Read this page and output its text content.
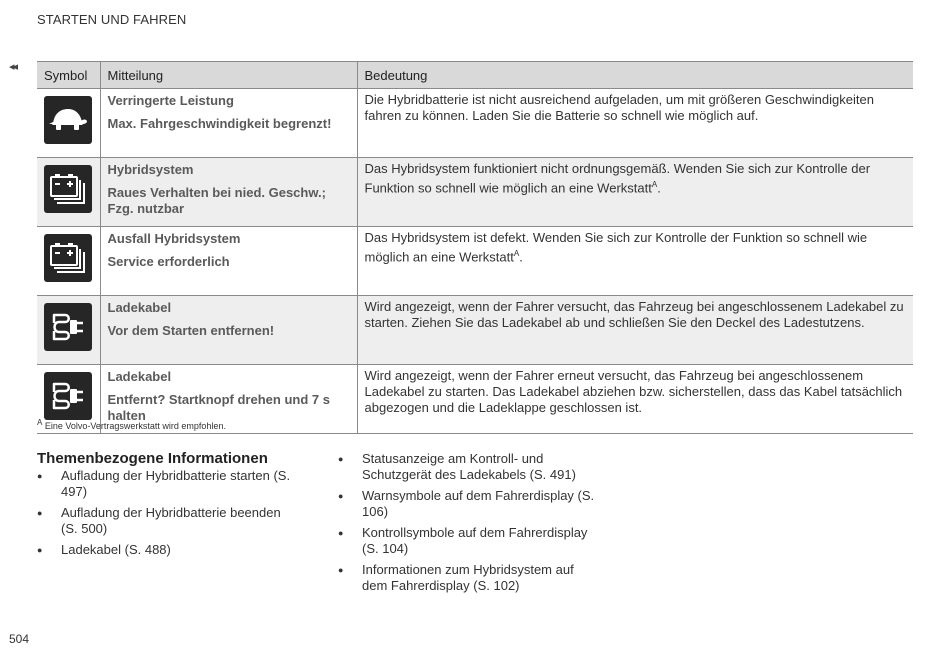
STARTEN UND FAHREN
◂◂
Symbol	Mitteilung	Bedeutung

Verringerte Leistung
Max. Fahrgeschwindigkeit begrenzt!	Die Hybridbatterie ist nicht ausreichend aufgeladen, um mit größeren Geschwindigkeiten fahren zu können. Laden Sie die Batterie so schnell wie möglich auf.

Hybridsystem
Raues Verhalten bei nied. Geschw.; Fzg. nutzbar	Das Hybridsystem funktioniert nicht ordnungsgemäß. Wenden Sie sich zur Kontrolle der Funktion so schnell wie möglich an eine Werkstatt$^A$.

Ausfall Hybridsystem
Service erforderlich	Das Hybridsystem ist defekt. Wenden Sie sich zur Kontrolle der Funktion so schnell wie möglich an eine Werkstatt$^A$.

Ladekabel
Vor dem Starten entfernen!	Wird angezeigt, wenn der Fahrer versucht, das Fahrzeug bei angeschlossenem Ladekabel zu starten. Ziehen Sie das Ladekabel ab und schließen Sie den Deckel des Ladestutzens.

Ladekabel
Entfernt? Startknopf drehen und 7 s halten	Wird angezeigt, wenn der Fahrer erneut versucht, das Fahrzeug bei angeschlossenem Ladekabel zu starten. Das Ladekabel abziehen bzw. sicherstellen, dass das Kabel tatsächlich abgezogen und die Ladeklappe geschlossen ist.
$^A$ Eine Volvo-Vertragswerkstatt wird empfohlen.
Themenbezogene Informationen
● Aufladung der Hybridbatterie starten (S. 497)
● Aufladung der Hybridbatterie beenden (S. 500)
● Ladekabel (S. 488)
● Statusanzeige am Kontroll- und Schutzgerät des Ladekabels (S. 491)
● Warnsymbole auf dem Fahrerdisplay (S. 106)
● Kontrollsymbole auf dem Fahrerdisplay (S. 104)
● Informationen zum Hybridsystem auf dem Fahrerdisplay (S. 102)
504
